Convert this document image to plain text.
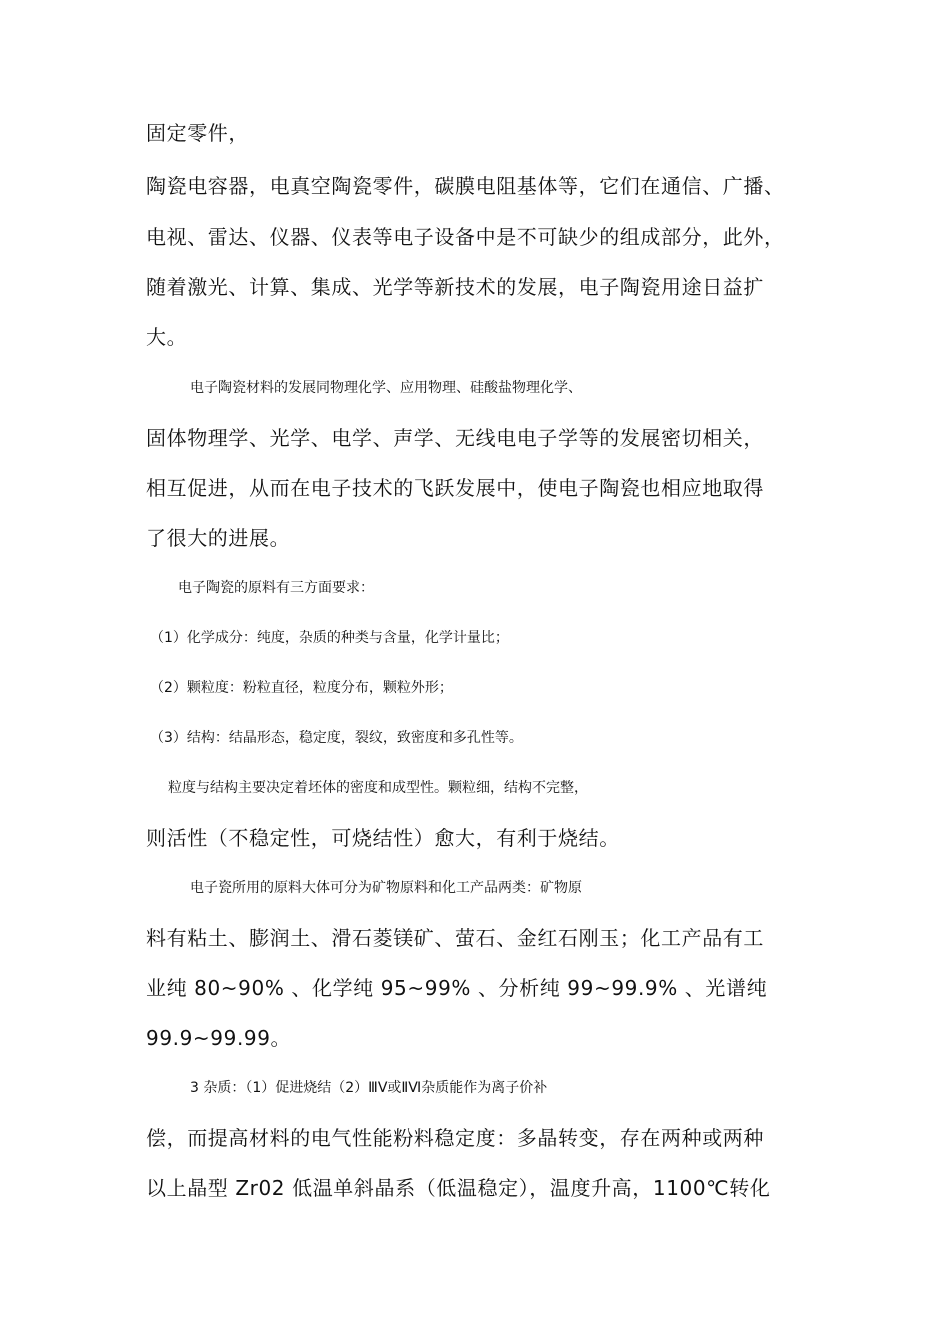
固定零件，
陶瓷电容器，电真空陶瓷零件，碳膜电阻基体等，它们在通信、广播、
电视、雷达、仪器、仪表等电子设备中是不可缺少的组成部分，此外，
随着激光、计算、集成、光学等新技术的发展，电子陶瓷用途日益扩
大。
电子陶瓷材料的发展同物理化学、应用物理、硅酸盐物理化学、
固体物理学、光学、电学、声学、无线电电子学等的发展密切相关，
相互促进，从而在电子技术的飞跃发展中，使电子陶瓷也相应地取得
了很大的进展。
电子陶瓷的原料有三方面要求：
（1）化学成分：纯度，杂质的种类与含量，化学计量比；
（2）颗粒度：粉粒直径，粒度分布，颗粒外形；
（3）结构：结晶形态，稳定度，裂纹，致密度和多孔性等。
粒度与结构主要决定着坯体的密度和成型性。颗粒细，结构不完整，
则活性（不稳定性，可烧结性）愈大，有利于烧结。
电子瓷所用的原料大体可分为矿物原料和化工产品两类：矿物原
料有粘土、膨润土、滑石菱镁矿、萤石、金红石刚玉；化工产品有工
业纯 80~90% 、化学纯 95~99% 、分析纯 99~99.9% 、光谱纯
99.9~99.99。
3 杂质：（1）促进烧结（2）ⅢⅤ或ⅡⅥ杂质能作为离子价补
偿，而提高材料的电气性能粉料稳定度：多晶转变，存在两种或两种
以上晶型 Zr02 低温单斜晶系（低温稳定），温度升高，1100℃转化
